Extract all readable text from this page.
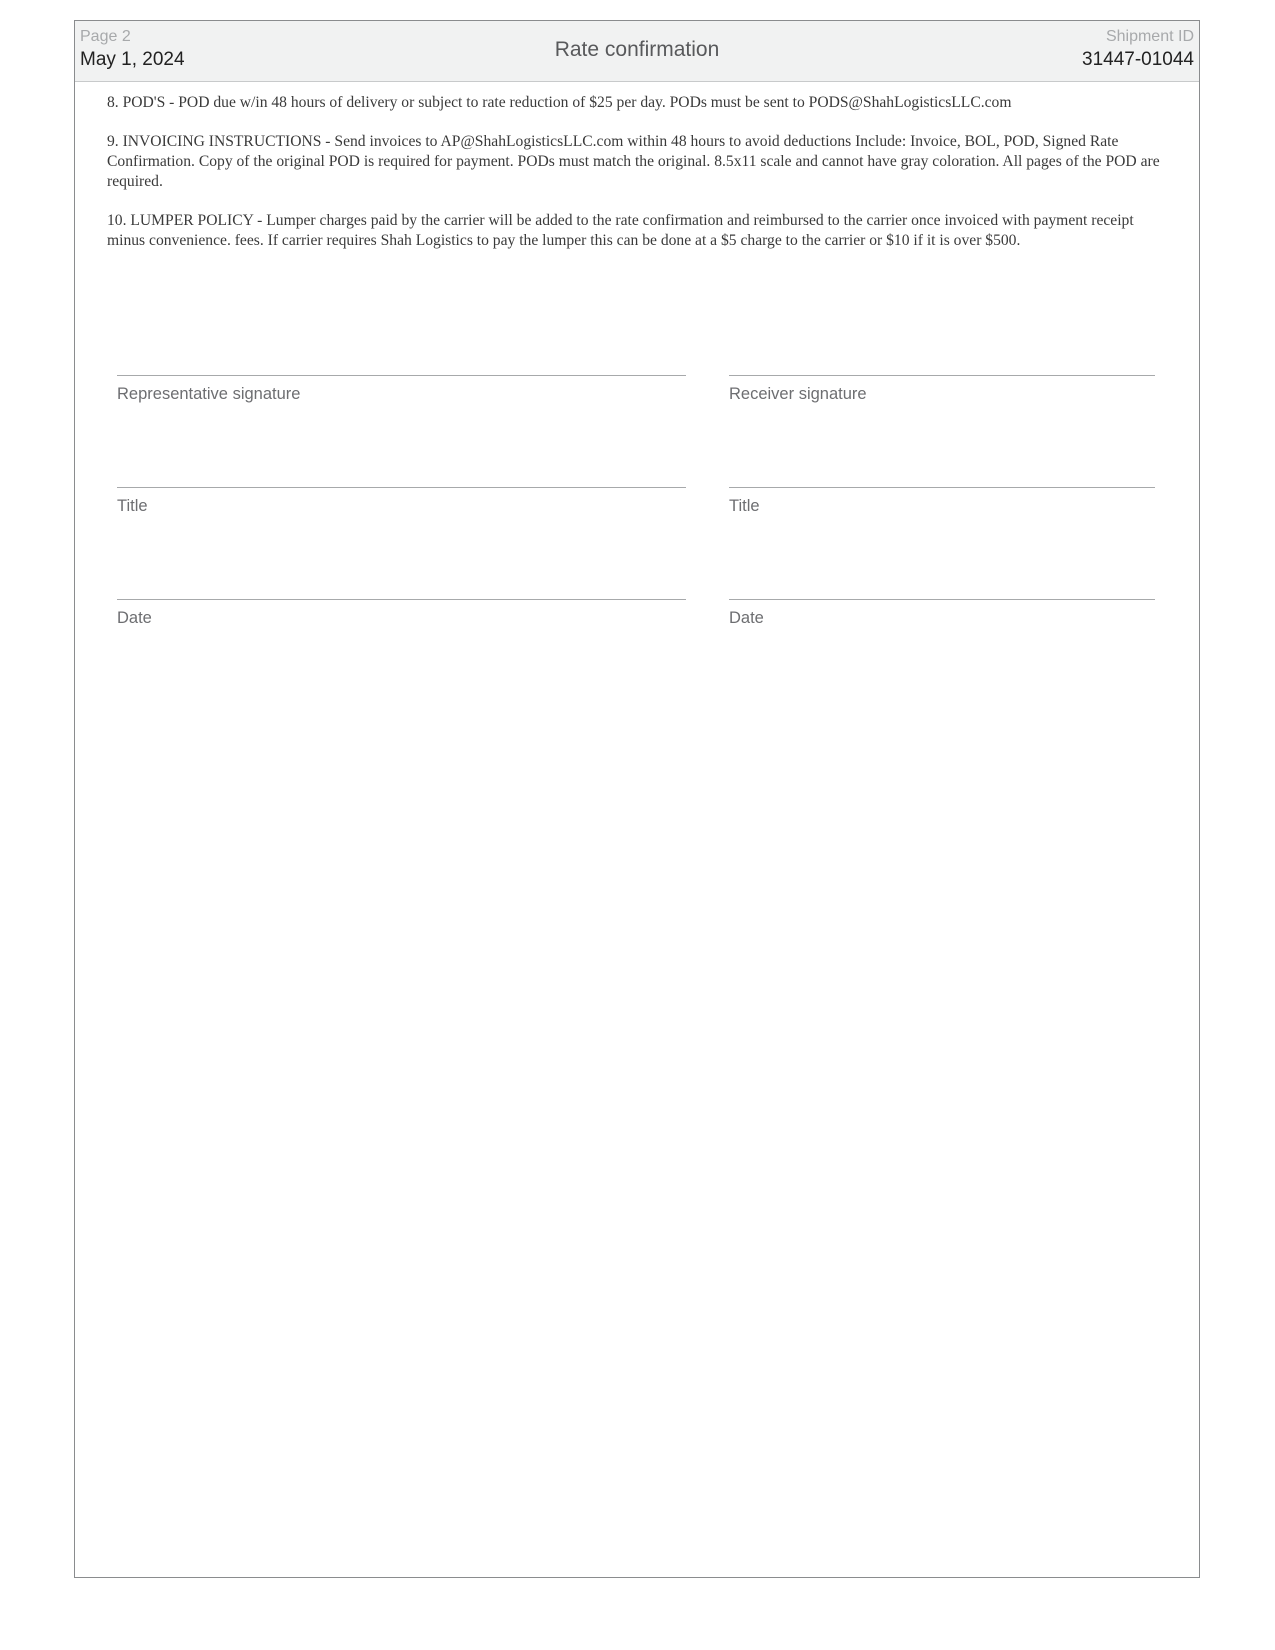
Page 2
May 1, 2024	Rate confirmation
Shipment ID
31447-01044

8. POD'S - POD due w/in 48 hours of delivery or subject to rate reduction of $25 per day. PODs must be sent to PODS@ShahLogisticsLLC.com

9. INVOICING INSTRUCTIONS - Send invoices to AP@ShahLogisticsLLC.com within 48 hours to avoid deductions Include: Invoice, BOL, POD, Signed Rate Confirmation. Copy of the original POD is required for payment. PODs must match the original. 8.5x11 scale and cannot have gray coloration. All pages of the POD are required.

10. LUMPER POLICY - Lumper charges paid by the carrier will be added to the rate confirmation and reimbursed to the carrier once invoiced with payment receipt minus convenience. fees. If carrier requires Shah Logistics to pay the lumper this can be done at a $5 charge to the carrier or $10 if it is over $500.

Representative signature
Title
Date
Receiver signature
Title
Date
